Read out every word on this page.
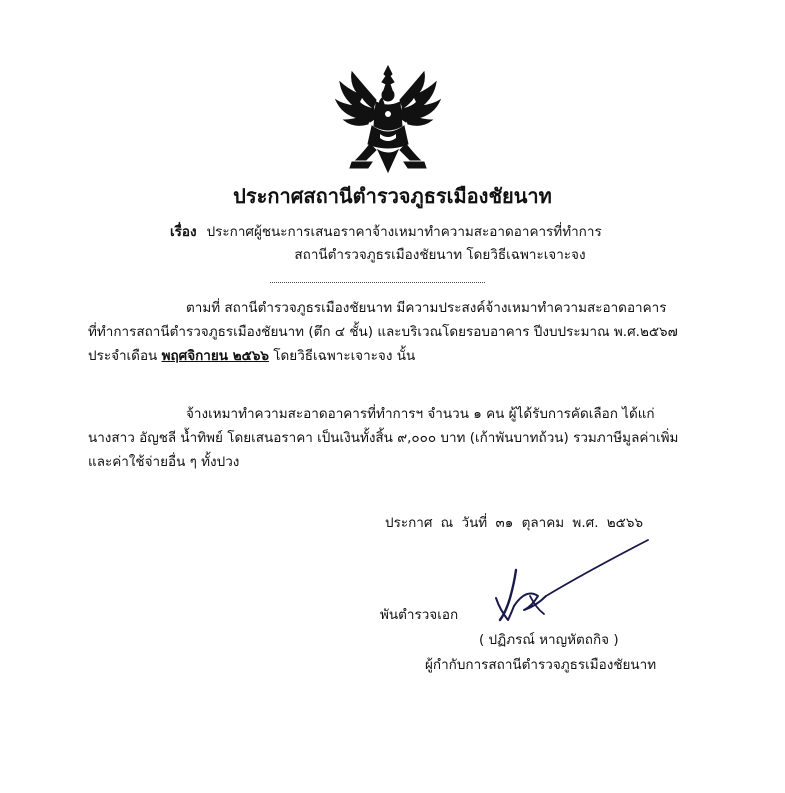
ประกาศสถานีตำรวจภูธรเมืองชัยนาท
เรื่อง ประกาศผู้ชนะการเสนอราคาจ้างเหมาทำความสะอาดอาคารที่ทำการ
สถานีตำรวจภูธรเมืองชัยนาท โดยวิธีเฉพาะเจาะจง
ตามที่ สถานีตำรวจภูธรเมืองชัยนาท มีความประสงค์จ้างเหมาทำความสะอาดอาคาร
ที่ทำการสถานีตำรวจภูธรเมืองชัยนาท (ตึก ๔ ชั้น) และบริเวณโดยรอบอาคาร ปีงบประมาณ พ.ศ.๒๕๖๗
ประจำเดือน พฤศจิกายน ๒๕๖๖ โดยวิธีเฉพาะเจาะจง นั้น
จ้างเหมาทำความสะอาดอาคารที่ทำการฯ จำนวน ๑ คน ผู้ได้รับการคัดเลือก ได้แก่
นางสาว อัญชลี น้ำทิพย์ โดยเสนอราคา เป็นเงินทั้งสิ้น ๙,๐๐๐ บาท (เก้าพันบาทถ้วน) รวมภาษีมูลค่าเพิ่ม
และค่าใช้จ่ายอื่น ๆ ทั้งปวง
ประกาศ ณ วันที่ ๓๑ ตุลาคม พ.ศ. ๒๕๖๖
พันตำรวจเอก
( ปฏิภรณ์ หาญหัตถกิจ )
ผู้กำกับการสถานีตำรวจภูธรเมืองชัยนาท
